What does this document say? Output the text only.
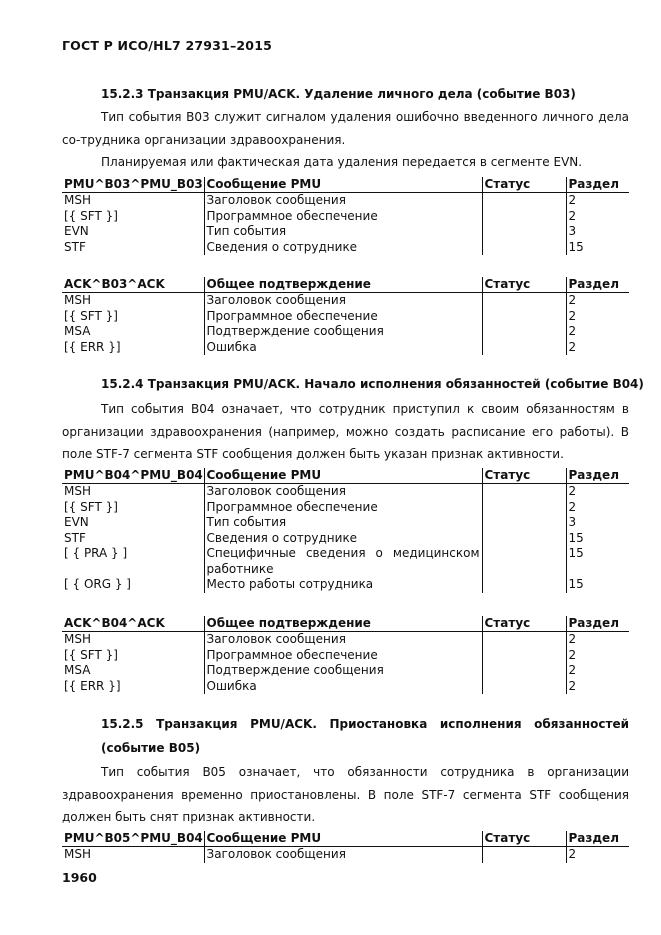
ГОСТ Р ИСО/HL7 27931–2015
15.2.3 Транзакция PMU/ACK. Удаление личного дела (событие B03)
Тип события B03 служит сигналом удаления ошибочно введенного личного дела со-трудника организации здравоохранения.
Планируемая или фактическая дата удаления передается в сегменте EVN.
PMU^B03^PMU_B03	Сообщение PMU	Статус	Раздел
MSH	Заголовок сообщения		2
[{ SFT }]	Программное обеспечение		2
EVN	Тип события		3
STF	Сведения о сотруднике		15
ACK^B03^ACK	Общее подтверждение	Статус	Раздел
MSH	Заголовок сообщения		2
[{ SFT }]	Программное обеспечение		2
MSA	Подтверждение сообщения		2
[{ ERR }]	Ошибка		2
15.2.4 Транзакция PMU/ACK. Начало исполнения обязанностей (событие B04)
Тип события B04 означает, что сотрудник приступил к своим обязанностям в организации здравоохранения (например, можно создать расписание его работы). В поле STF-7 сегмента STF сообщения должен быть указан признак активности.
PMU^B04^PMU_B04	Сообщение PMU	Статус	Раздел
MSH	Заголовок сообщения		2
[{ SFT }]	Программное обеспечение		2
EVN	Тип события		3
STF	Сведения о сотруднике		15
[ { PRA } ]	Специфичные сведения о медицинском работнике		15
[ { ORG } ]	Место работы сотрудника		15
ACK^B04^ACK	Общее подтверждение	Статус	Раздел
MSH	Заголовок сообщения		2
[{ SFT }]	Программное обеспечение		2
MSA	Подтверждение сообщения		2
[{ ERR }]	Ошибка		2
15.2.5 Транзакция PMU/ACK. Приостановка исполнения обязанностей (событие B05)
Тип события B05 означает, что обязанности сотрудника в организации здравоохранения временно приостановлены. В поле STF-7 сегмента STF сообщения должен быть снят признак активности.
PMU^B05^PMU_B04	Сообщение PMU	Статус	Раздел
MSH	Заголовок сообщения		2
1960
